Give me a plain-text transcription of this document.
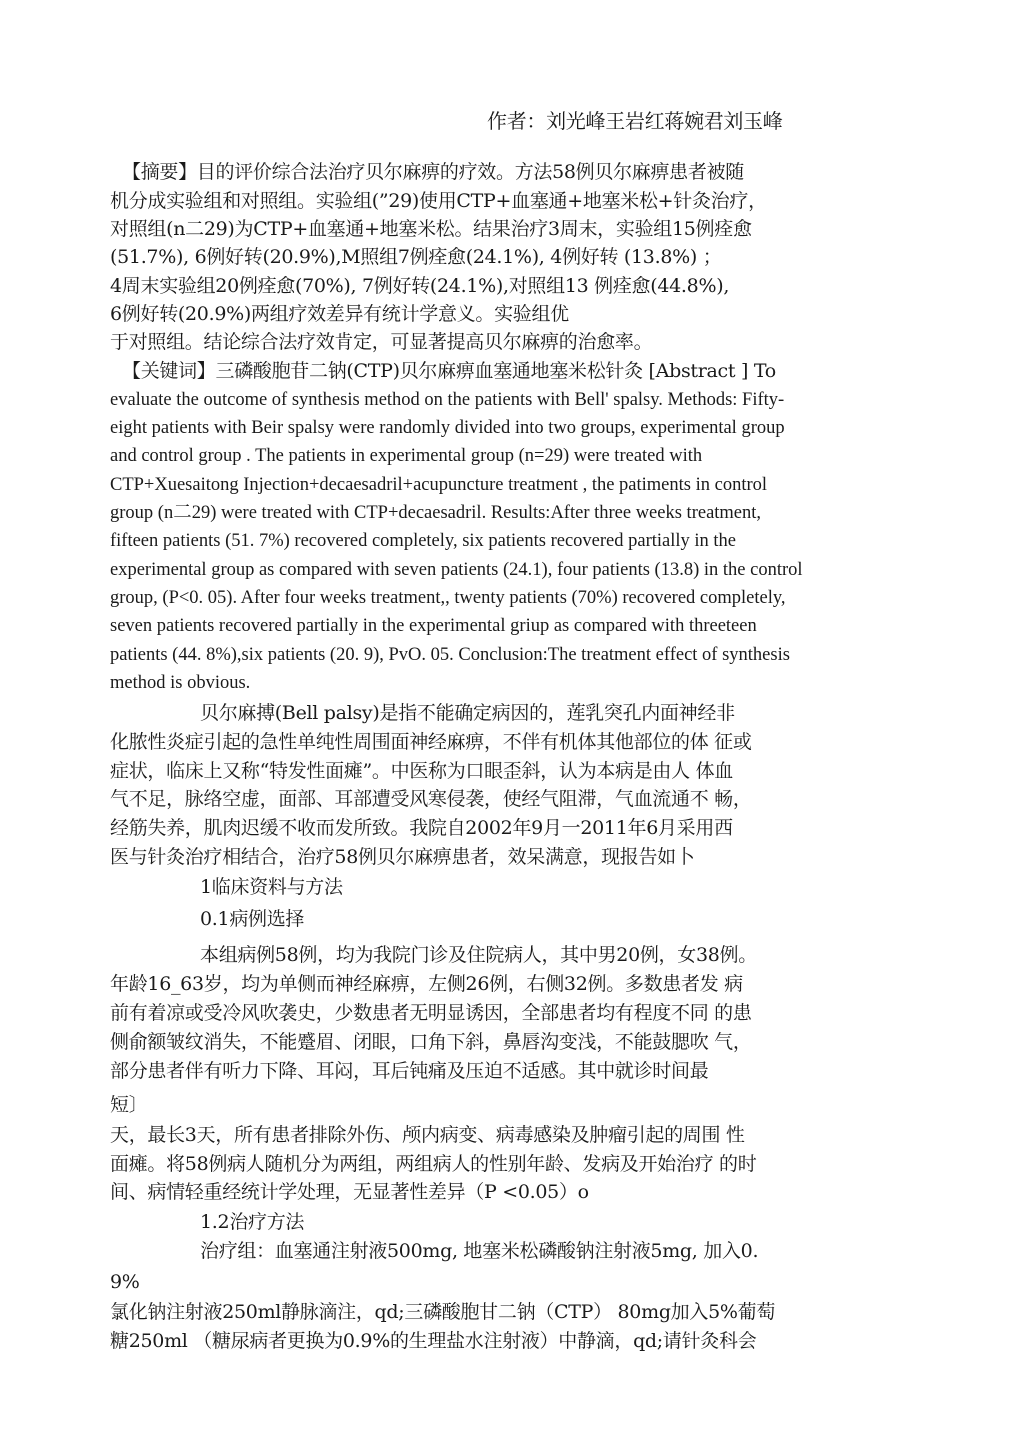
作者：刘光峰王岩红蒋婉君刘玉峰
【摘要】目的评价综合法治疗贝尔麻痹的疗效。方法58例贝尔麻痹患者被随
机分成实验组和对照组。实验组(”29)使用CTP+血塞通+地塞米松+针灸治疗，
对照组(n二29)为CTP+血塞通+地塞米松。结果治疗3周末，实验组15例痊愈
(51.7%), 6例好转(20.9%),M照组7例痊愈(24.1%), 4例好转 (13.8%) ；
4周末实验组20例痊愈(70%), 7例好转(24.1%),对照组13 例痊愈(44.8%),
6例好转(20.9%)两组疗效差异有统计学意义。实验组优
于对照组。结论综合法疗效肯定，可显著提高贝尔麻痹的治愈率。
【关键词】三磷酸胞苷二钠(CTP)贝尔麻痹血塞通地塞米松针灸 [Abstract ] To
evaluate the outcome of synthesis method on the patients with Bell' spalsy. Methods: Fifty-
eight patients with Beir spalsy were randomly divided into two groups, experimental group
and control group . The patients in experimental group (n=29) were treated with
CTP+Xuesaitong Injection+decaesadril+acupuncture treatment , the patiments in control
group (n二29) were treated with CTP+decaesadril. Results:After three weeks treatment,
fifteen patients (51. 7%) recovered completely, six patients recovered partially in the
experimental group as compared with seven patients (24.1), four patients (13.8) in the control
group, (P<0. 05). After four weeks treatment,, twenty patients (70%) recovered completely,
seven patients recovered partially in the experimental griup as compared with threeteen
patients (44. 8%),six patients (20. 9), PvO. 05. Conclusion:The treatment effect of synthesis
method is obvious.
贝尔麻搏(Bell palsy)是指不能确定病因的，莲乳突孔内面神经非
化脓性炎症引起的急性单纯性周围面神经麻痹，不伴有机体其他部位的体 征或
症状，临床上又称“特发性面瘫”。中医称为口眼歪斜，认为本病是由人 体血
气不足，脉络空虚，面部、耳部遭受风寒侵袭，使经气阻滞，气血流通不 畅，
经筋失养，肌肉迟缓不收而发所致。我院自2002年9月一2011年6月采用西
医与针灸治疗相结合，治疗58例贝尔麻痹患者，效呆满意，现报告如卜
1临床资料与方法
0.1病例选择
本组病例58例，均为我院门诊及住院病人，其中男20例，女38例。
年龄16_63岁，均为单侧而神经麻痹，左侧26例，右侧32例。多数患者发 病
前有着凉或受冷风吹袭史，少数患者无明显诱因，全部患者均有程度不同 的患
侧俞额皱纹消失，不能蹙眉、闭眼，口角下斜，鼻唇沟变浅，不能鼓腮吹 气，
部分患者伴有听力下降、耳闷，耳后钝痛及压迫不适感。其中就诊时间最
短〕
天，最长3天，所有患者排除外伤、颅内病变、病毒感染及肿瘤引起的周围 性
面瘫。将58例病人随机分为两组，两组病人的性别年龄、发病及开始治疗 的时
间、病情轻重经统计学处理，无显著性差异（P <0.05）o
1.2治疗方法
治疗组：血塞通注射液500mg, 地塞米松磷酸钠注射液5mg, 加入0.
9%
氯化钠注射液250ml静脉滴注，qd;三磷酸胞甘二钠（CTP） 80mg加入5%葡萄
糖250ml （糖尿病者更换为0.9%的生理盐水注射液）中静滴，qd;请针灸科会
